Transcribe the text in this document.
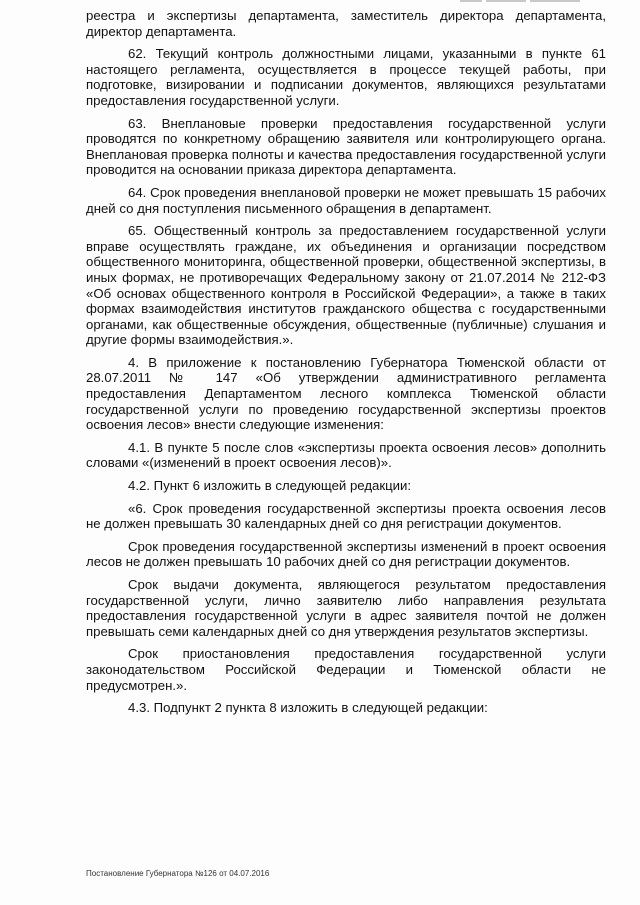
реестра и экспертизы департамента, заместитель директора департамента, директор департамента.

62. Текущий контроль должностными лицами, указанными в пункте 61 настоящего регламента, осуществляется в процессе текущей работы, при подготовке, визировании и подписании документов, являющихся результатами предоставления государственной услуги.

63. Внеплановые проверки предоставления государственной услуги проводятся по конкретному обращению заявителя или контролирующего органа. Внеплановая проверка полноты и качества предоставления государственной услуги проводится на основании приказа директора департамента.

64. Срок проведения внеплановой проверки не может превышать 15 рабочих дней со дня поступления письменного обращения в департамент.

65. Общественный контроль за предоставлением государственной услуги вправе осуществлять граждане, их объединения и организации посредством общественного мониторинга, общественной проверки, общественной экспертизы, в иных формах, не противоречащих Федеральному закону от 21.07.2014 № 212-ФЗ «Об основах общественного контроля в Российской Федерации», а также в таких формах взаимодействия институтов гражданского общества с государственными органами, как общественные обсуждения, общественные (публичные) слушания и другие формы взаимодействия.».

4. В приложение к постановлению Губернатора Тюменской области от 28.07.2011 № 147 «Об утверждении административного регламента предоставления Департаментом лесного комплекса Тюменской области государственной услуги по проведению государственной экспертизы проектов освоения лесов» внести следующие изменения:

4.1. В пункте 5 после слов «экспертизы проекта освоения лесов» дополнить словами «(изменений в проект освоения лесов)».

4.2. Пункт 6 изложить в следующей редакции:

«6. Срок проведения государственной экспертизы проекта освоения лесов не должен превышать 30 календарных дней со дня регистрации документов.

Срок проведения государственной экспертизы изменений в проект освоения лесов не должен превышать 10 рабочих дней со дня регистрации документов.

Срок выдачи документа, являющегося результатом предоставления государственной услуги, лично заявителю либо направления результата предоставления государственной услуги в адрес заявителя почтой не должен превышать семи календарных дней со дня утверждения результатов экспертизы.

Срок приостановления предоставления государственной услуги законодательством Российской Федерации и Тюменской области не предусмотрен.».

4.3. Подпункт 2 пункта 8 изложить в следующей редакции:

Постановление Губернатора №126 от 04.07.2016
